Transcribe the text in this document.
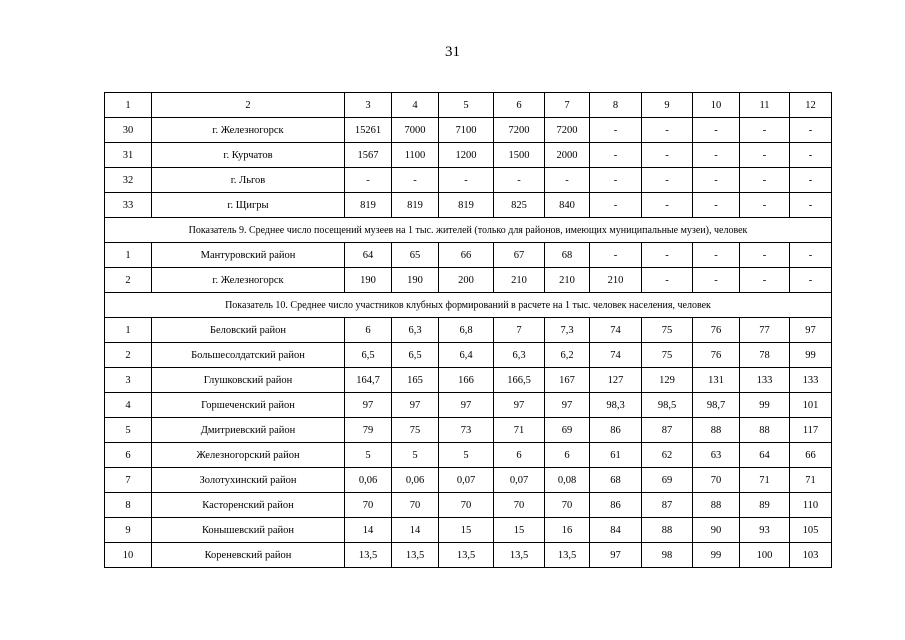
31
1	2	3	4	5	6	7	8	9	10	11	12
30	г. Железногорск	15261	7000	7100	7200	7200	-	-	-	-	-
31	г. Курчатов	1567	1100	1200	1500	2000	-	-	-	-	-
32	г. Льгов	-	-	-	-	-	-	-	-	-	-
33	г. Щигры	819	819	819	825	840	-	-	-	-	-
Показатель 9. Среднее число посещений музеев на 1 тыс. жителей (только для районов, имеющих муниципальные музеи), человек											
1	Мантуровский район	64	65	66	67	68	-	-	-	-	-
2	г. Железногорск	190	190	200	210	210	210	-	-	-	-
Показатель 10. Среднее число участников клубных формирований в расчете на 1 тыс. человек населения, человек											
1	Беловский район	6	6,3	6,8	7	7,3	74	75	76	77	97
2	Большесолдатский район	6,5	6,5	6,4	6,3	6,2	74	75	76	78	99
3	Глушковский район	164,7	165	166	166,5	167	127	129	131	133	133
4	Горшеченский район	97	97	97	97	97	98,3	98,5	98,7	99	101
5	Дмитриевский район	79	75	73	71	69	86	87	88	88	117
6	Железногорский район	5	5	5	6	6	61	62	63	64	66
7	Золотухинский район	0,06	0,06	0,07	0,07	0,08	68	69	70	71	71
8	Касторенский район	70	70	70	70	70	86	87	88	89	110
9	Конышевский район	14	14	15	15	16	84	88	90	93	105
10	Кореневский район	13,5	13,5	13,5	13,5	13,5	97	98	99	100	103
